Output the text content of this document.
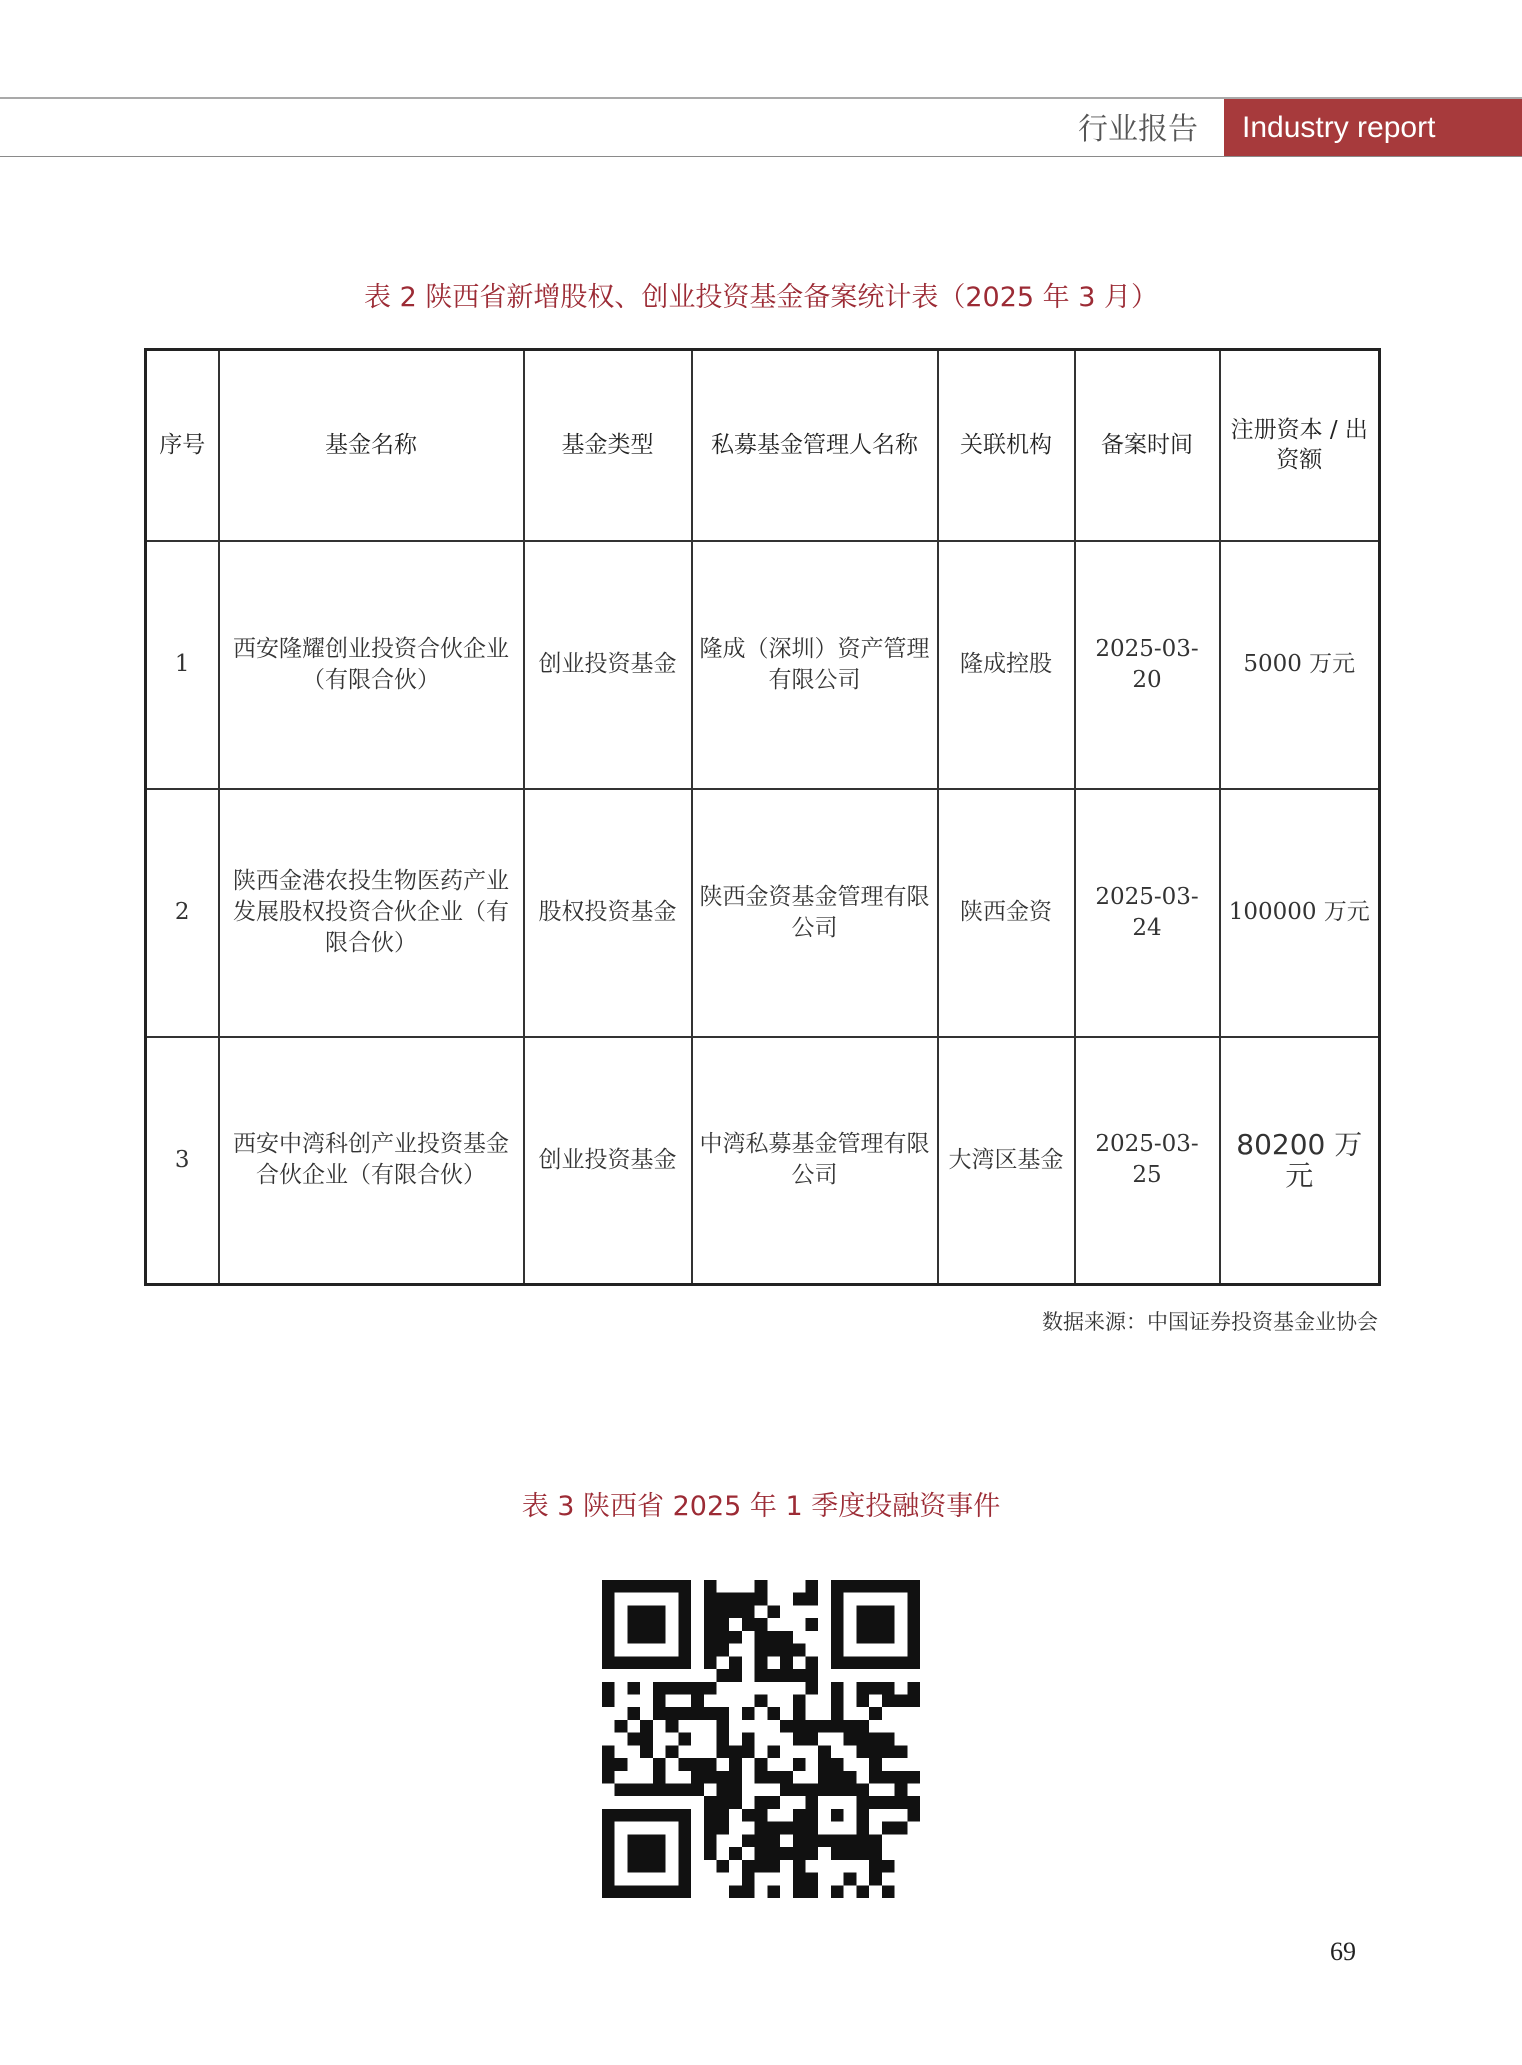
行业报告	Industry report
表 2 陕西省新增股权、创业投资基金备案统计表（2025 年 3 月）
序号	基金名称	基金类型	私募基金管理人名称	关联机构	备案时间	注册资本 / 出资额
1	西安隆耀创业投资合伙企业（有限合伙）	创业投资基金	隆成（深圳）资产管理有限公司	隆成控股	2025-03-20	5000 万元
2	陕西金港农投生物医药产业发展股权投资合伙企业（有限合伙）	股权投资基金	陕西金资基金管理有限公司	陕西金资	2025-03-24	100000 万元
3	西安中湾科创产业投资基金合伙企业（有限合伙）	创业投资基金	中湾私募基金管理有限公司	大湾区基金	2025-03-25	80200 万元
数据来源：中国证券投资基金业协会
表 3 陕西省 2025 年 1 季度投融资事件
69
